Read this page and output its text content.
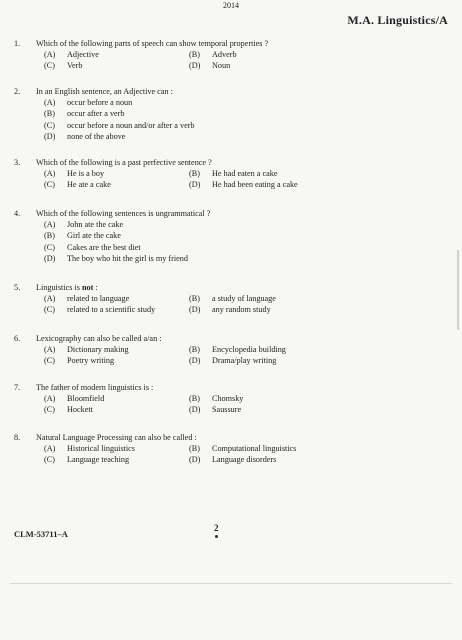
2014
M.A. Linguistics/A
1.	Which of the following parts of speech can show temporal properties ?
(A)	Adjective	(B)	Adverb
(C)	Verb	(D)	Noun
2.	In an English sentence, an Adjective can :
(A)	occur before a noun
(B)	occur after a verb
(C)	occur before a noun and/or after a verb
(D)	none of the above
3.	Which of the following is a past perfective sentence ?
(A)	He is a boy	(B)	He had eaten a cake
(C)	He ate a cake	(D)	He had been eating a cake
4.	Which of the following sentences is ungrammatical ?
(A)	John ate the cake
(B)	Girl ate the cake
(C)	Cakes are the best diet
(D)	The boy who hit the girl is my friend
5.	Linguistics is not :
(A)	related to language	(B)	a study of language
(C)	related to a scientific study	(D)	any random study
6.	Lexicography can also be called a/an :
(A)	Dictionary making	(B)	Encyclopedia building
(C)	Poetry writing	(D)	Drama/play writing
7.	The father of modern linguistics is :
(A)	Bloomfield	(B)	Chomsky
(C)	Hockett	(D)	Saussure
8.	Natural Language Processing can also be called :
(A)	Historical linguistics	(B)	Computational linguistics
(C)	Language teaching	(D)	Language disorders
CLM-53711–A
2
